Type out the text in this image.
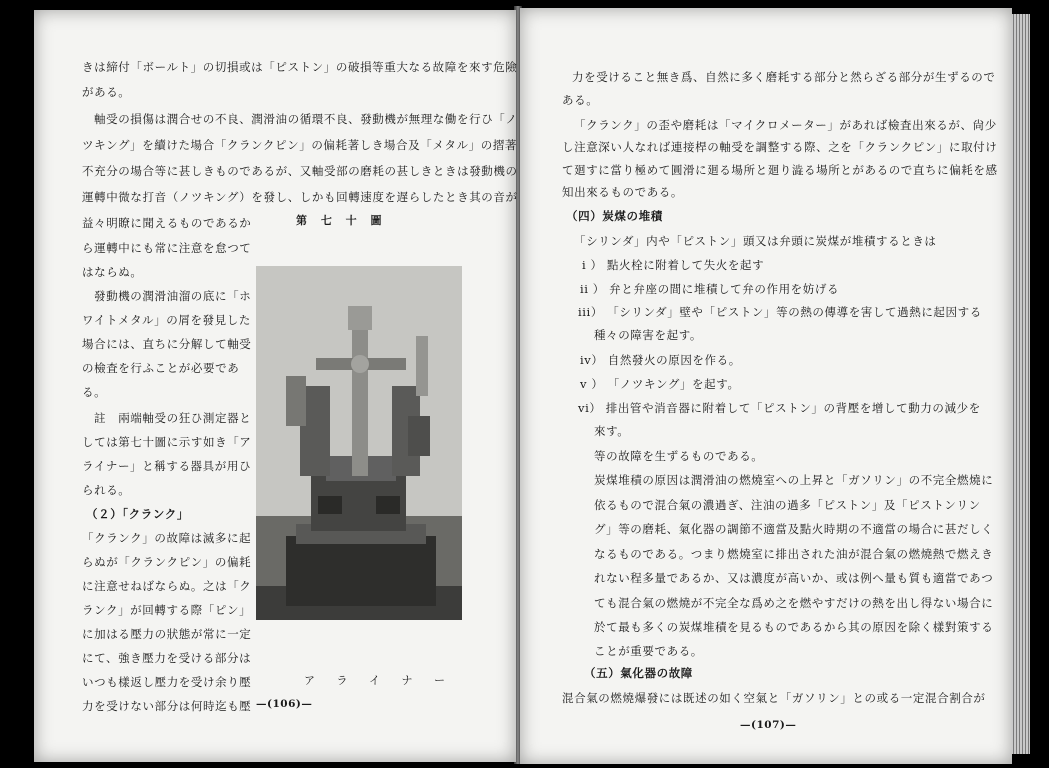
きは締付「ボールト」の切損或は「ピストン」の破損等重大なる故障を來す危險
がある。
軸受の損傷は潤合せの不良、潤滑油の循環不良、發動機が無理な働を行ひ「ノ
ツキング」を續けた場合「クランクピン」の偏耗著しき場合及「メタル」の摺著
不充分の場合等に甚しきものであるが、又軸受部の磨耗の甚しきときは發動機の
運轉中微な打音（ノツキング）を發し、しかも回轉速度を遅らしたとき其の音が
益々明瞭に聞えるものであるか
ら運轉中にも常に注意を怠つて
はならぬ。
發動機の潤滑油溜の底に「ホ
ワイトメタル」の屑を發見した
場合には、直ちに分解して軸受
の檢査を行ふことが必要であ
る。
註　兩端軸受の狂ひ測定器と
しては第七十圖に示す如き「ア
ライナー」と稱する器具が用ひ
られる。
（２）「クランク」
「クランク」の故障は滅多に起
らぬが「クランクピン」の偏耗
に注意せねばならぬ。之は「ク
ランク」が回轉する際「ピン」
に加はる壓力の狀態が常に一定
にて、強き壓力を受ける部分は
いつも樣返し壓力を受け余り壓
力を受けない部分は何時迄も壓
第 七 十 圖
ア ラ イ ナ ー
—(106)—
力を受けること無き爲、自然に多く磨耗する部分と然らざる部分が生ずるので
ある。
「クランク」の歪や磨耗は「マイクロメーター」があれば檢査出來るが、尙少
し注意深い人なれば連接桿の軸受を調整する際、之を「クランクピン」に取付け
て廻すに當り極めて圓滑に廻る場所と廻り澁る場所とがあるので直ちに偏耗を感
知出來るものである。
（四）炭煤の堆積
「シリンダ」内や「ピストン」頭又は弁頭に炭煤が堆積するときは
i ） 點火栓に附着して失火を起す
ii ） 弁と弁座の間に堆積して弁の作用を妨げる
iii） 「シリンダ」壁や「ピストン」等の熱の傳導を害して過熱に起因する
種々の障害を起す。
iv） 自然發火の原因を作る。
v ） 「ノツキング」を起す。
vi） 排出管や消音器に附着して「ピストン」の背壓を增して動力の減少を
來す。
等の故障を生ずるものである。
炭煤堆積の原因は潤滑油の燃燒室への上昇と「ガソリン」の不完全燃燒に
依るもので混合氣の濃過ぎ、注油の過多「ピストン」及「ピストンリン
グ」等の磨耗、氣化器の調節不適當及點火時期の不適當の場合に甚だしく
なるものである。つまり燃燒室に排出された油が混合氣の燃燒熱で燃えき
れない程多量であるか、又は濃度が高いか、或は例へ量も質も適當であつ
ても混合氣の燃燒が不完全な爲め之を燃やすだけの熱を出し得ない場合に
於て最も多くの炭煤堆積を見るものであるから其の原因を除く樣對策する
ことが重要である。
（五）氣化器の故障
混合氣の燃燒爆發には既述の如く空氣と「ガソリン」との或る一定混合割合が
—(107)—
